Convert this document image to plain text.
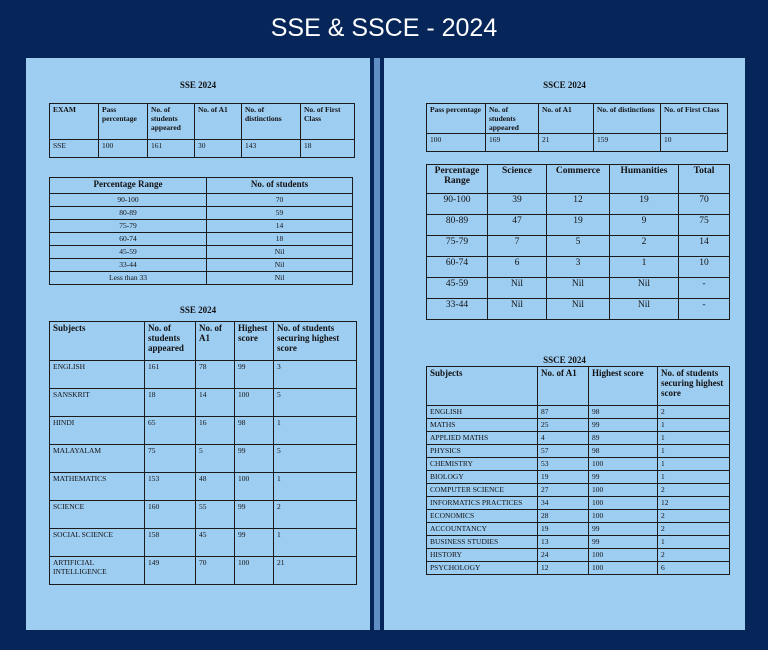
SSE & SSCE - 2024
SSE 2024
EXAM	Pass percentage	No. of students appeared	No. of A1	No. of distinctions	No. of First Class
SSE	100	161	30	143	18
Percentage Range	No. of students
90-100	70
80-89	59
75-79	14
60-74	18
45-59	Nil
33-44	Nil
Less than 33	Nil
SSE 2024
Subjects	No. of students appeared	No. of A1	Highest score	No. of students securing highest score
ENGLISH	161	78	99	3
SANSKRIT	18	14	100	5
HINDI	65	16	98	1
MALAYALAM	75	5	99	5
MATHEMATICS	153	48	100	1
SCIENCE	160	55	99	2
SOCIAL SCIENCE	158	45	99	1
ARTIFICIAL INTELLIGENCE	149	70	100	21
SSCE 2024
Pass percentage	No. of students appeared	No. of A1	No. of distinctions	No. of First Class
100	169	21	159	10
Percentage Range	Science	Commerce	Humanities	Total
90-100	39	12	19	70
80-89	47	19	9	75
75-79	7	5	2	14
60-74	6	3	1	10
45-59	Nil	Nil	Nil	-
33-44	Nil	Nil	Nil	-
SSCE 2024
Subjects	No. of A1	Highest score	No. of students securing highest score
ENGLISH	87	98	2
MATHS	25	99	1
APPLIED MATHS	4	89	1
PHYSICS	57	98	1
CHEMISTRY	53	100	1
BIOLOGY	19	99	1
COMPUTER SCIENCE	27	100	2
INFORMATICS PRACTICES	34	100	12
ECONOMICS	28	100	2
ACCOUNTANCY	19	99	2
BUSINESS STUDIES	13	99	1
HISTORY	24	100	2
PSYCHOLOGY	12	100	6
